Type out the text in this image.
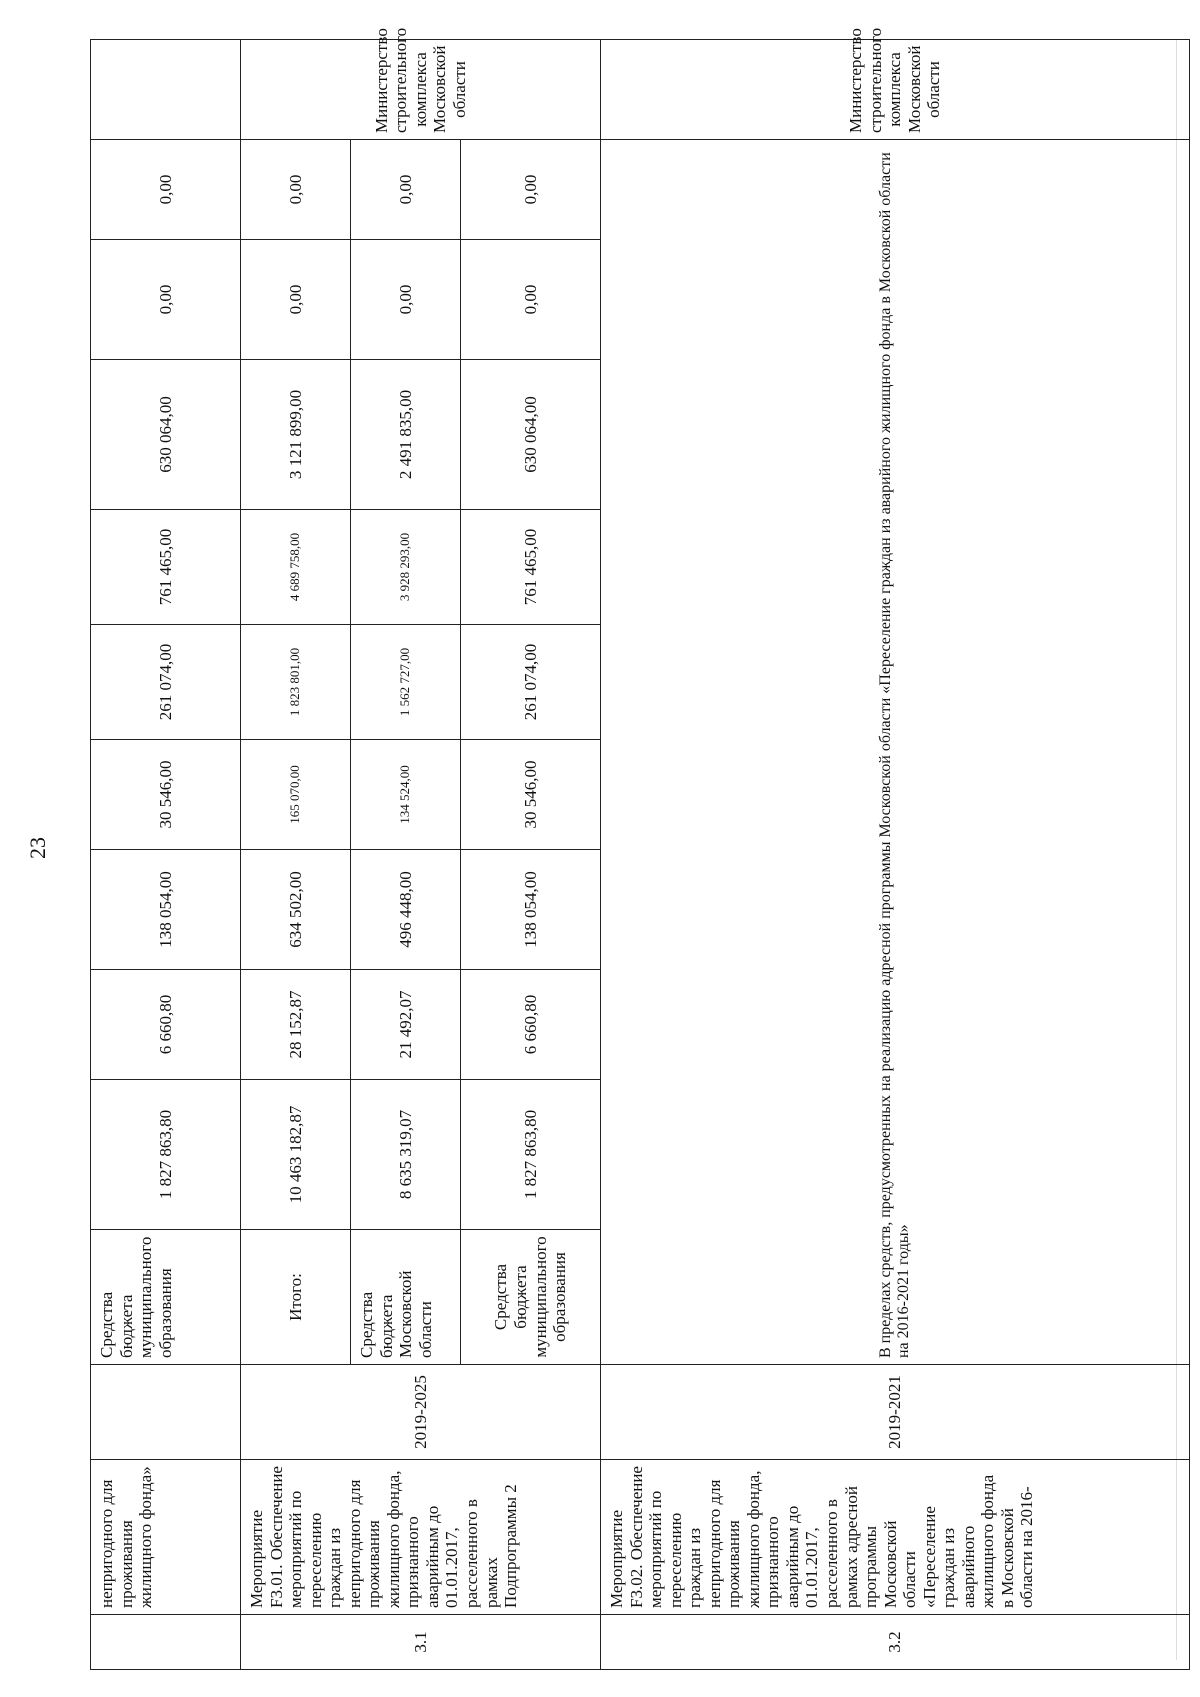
23
	непригодного для проживания жилищного фонда»		Средства бюджета муниципального образования	1 827 863,80	6 660,80	138 054,00	30 546,00	261 074,00	761 465,00	630 064,00	0,00	0,00	
3.1	Мероприятие F3.01. Обеспечение мероприятий по переселению граждан из непригодного для проживания жилищного фонда, признанного аварийным до 01.01.2017, расселенного в рамках Подпрограммы 2	2019-2025	Итого:	10 463 182,87	28 152,87	634 502,00	165 070,00	1 823 801,00	4 689 758,00	3 121 899,00	0,00	0,00	Министерство строительного комплекса Московской области
			Средства бюджета Московской области	8 635 319,07	21 492,07	496 448,00	134 524,00	1 562 727,00	3 928 293,00	2 491 835,00	0,00	0,00	
			Средства бюджета муниципального образования	1 827 863,80	6 660,80	138 054,00	30 546,00	261 074,00	761 465,00	630 064,00	0,00	0,00	
3.2	Мероприятие F3.02. Обеспечение мероприятий по переселению граждан из непригодного для проживания жилищного фонда, признанного аварийным до 01.01.2017, расселенного в рамках адресной программы Московской области «Переселение граждан из аварийного жилищного фонда в Московской области на 2016-	2019-2021	В пределах средств, предусмотренных на реализацию адресной программы Московской области «Переселение граждан из аварийного жилищного фонда в Московской области на 2016-2021 годы»										Министерство строительного комплекса Московской области
